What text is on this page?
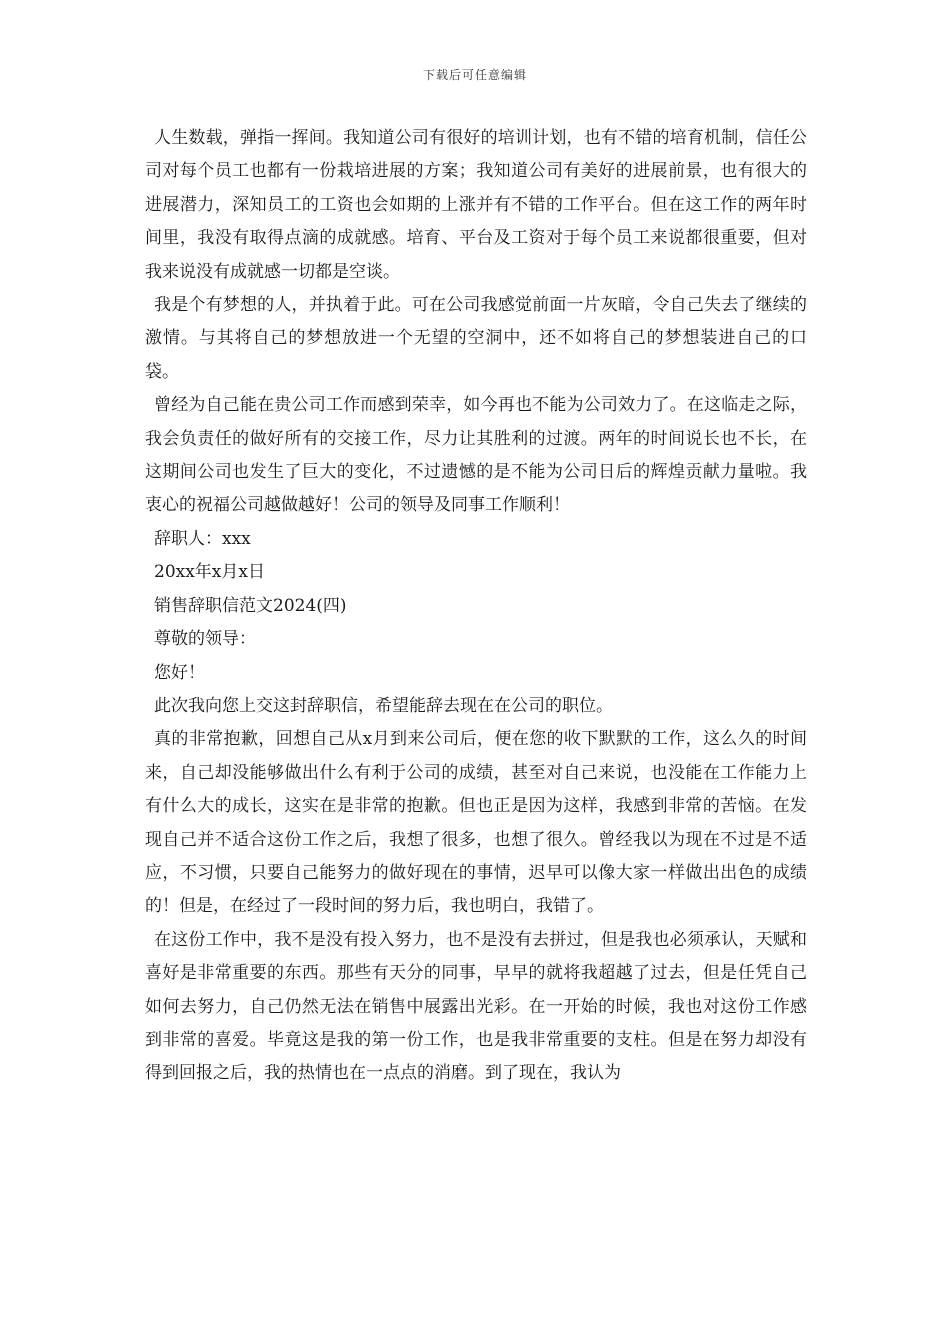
下载后可任意编辑

人生数载，弹指一挥间。我知道公司有很好的培训计划，也有不错的培育机制，信任公司对每个员工也都有一份栽培进展的方案；我知道公司有美好的进展前景，也有很大的进展潜力，深知员工的工资也会如期的上涨并有不错的工作平台。但在这工作的两年时间里，我没有取得点滴的成就感。培育、平台及工资对于每个员工来说都很重要，但对我来说没有成就感一切都是空谈。

我是个有梦想的人，并执着于此。可在公司我感觉前面一片灰暗，令自己失去了继续的激情。与其将自己的梦想放进一个无望的空洞中，还不如将自己的梦想装进自己的口袋。

曾经为自己能在贵公司工作而感到荣幸，如今再也不能为公司效力了。在这临走之际，我会负责任的做好所有的交接工作，尽力让其胜利的过渡。两年的时间说长也不长，在这期间公司也发生了巨大的变化，不过遗憾的是不能为公司日后的辉煌贡献力量啦。我衷心的祝福公司越做越好！公司的领导及同事工作顺利！

辞职人：xxx

20xx年x月x日

销售辞职信范文2024(四)

尊敬的领导：

您好！

此次我向您上交这封辞职信，希望能辞去现在在公司的职位。

真的非常抱歉，回想自己从x月到来公司后，便在您的收下默默的工作，这么久的时间来，自己却没能够做出什么有利于公司的成绩，甚至对自己来说，也没能在工作能力上有什么大的成长，这实在是非常的抱歉。但也正是因为这样，我感到非常的苦恼。在发现自己并不适合这份工作之后，我想了很多，也想了很久。曾经我以为现在不过是不适应，不习惯，只要自己能努力的做好现在的事情，迟早可以像大家一样做出出色的成绩的！但是，在经过了一段时间的努力后，我也明白，我错了。

在这份工作中，我不是没有投入努力，也不是没有去拼过，但是我也必须承认，天赋和喜好是非常重要的东西。那些有天分的同事，早早的就将我超越了过去，但是任凭自己如何去努力，自己仍然无法在销售中展露出光彩。在一开始的时候，我也对这份工作感到非常的喜爱。毕竟这是我的第一份工作，也是我非常重要的支柱。但是在努力却没有得到回报之后，我的热情也在一点点的消磨。到了现在，我认为
